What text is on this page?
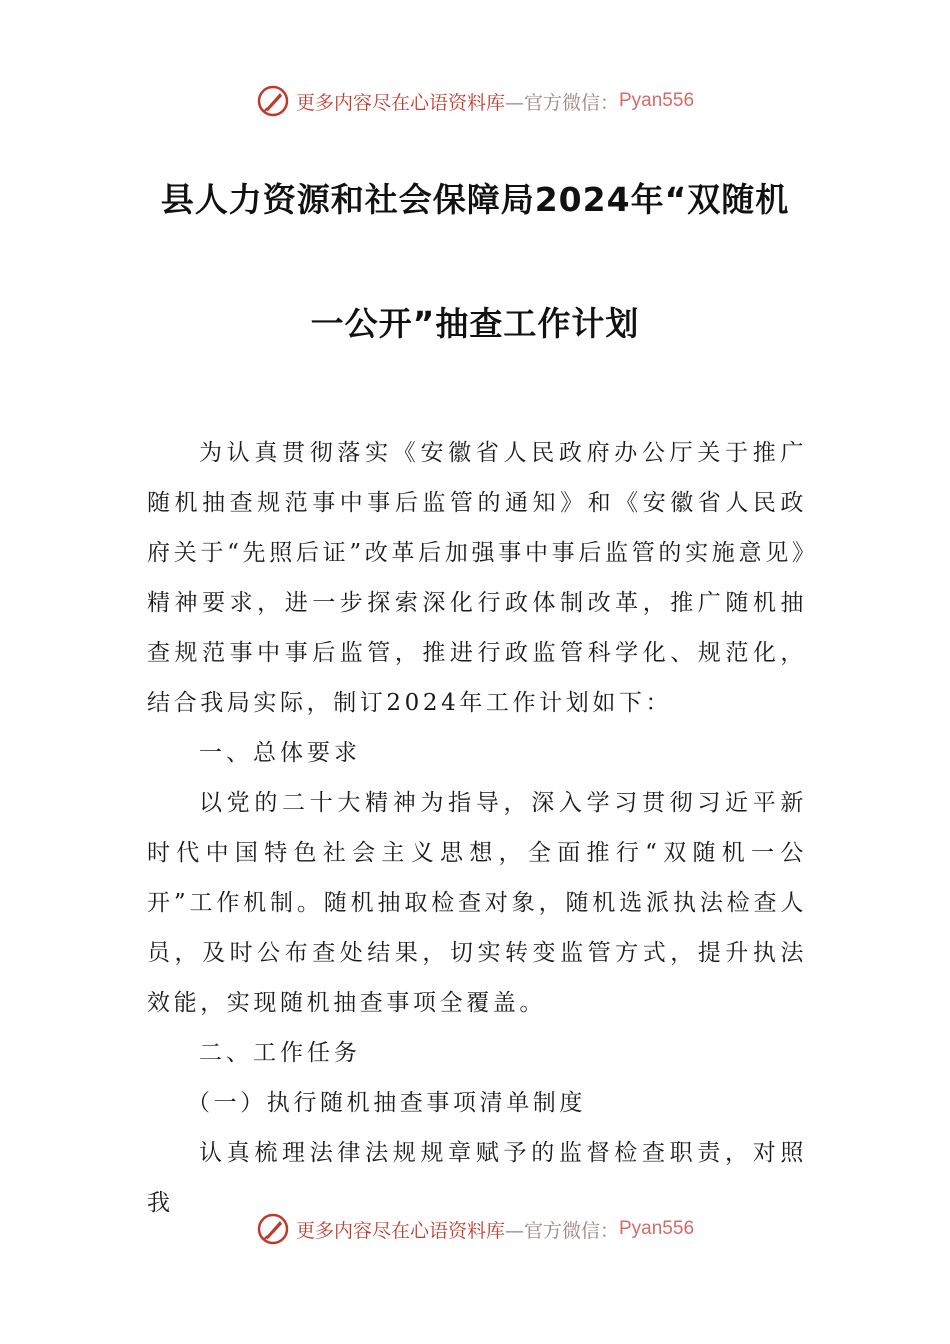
更多内容尽在心语资料库 —官方微信： Pyan556
县人力资源和社会保障局2024年“双随机
一公开”抽查工作计划

为认真贯彻落实《安徽省人民政府办公厅关于推广随机抽查规范事中事后监管的通知》和《安徽省人民政府关于“先照后证”改革后加强事中事后监管的实施意见》精神要求，进一步探索深化行政体制改革，推广随机抽查规范事中事后监管，推进行政监管科学化、规范化，结合我局实际，制订2024年工作计划如下：

一、总体要求

以党的二十大精神为指导，深入学习贯彻习近平新时代中国特色社会主义思想，全面推行“双随机一公开”工作机制。随机抽取检查对象，随机选派执法检查人员，及时公布查处结果，切实转变监管方式，提升执法效能，实现随机抽查事项全覆盖。

二、工作任务

（一）执行随机抽查事项清单制度

认真梳理法律法规规章赋予的监督检查职责，对照我

更多内容尽在心语资料库 —官方微信： Pyan556
